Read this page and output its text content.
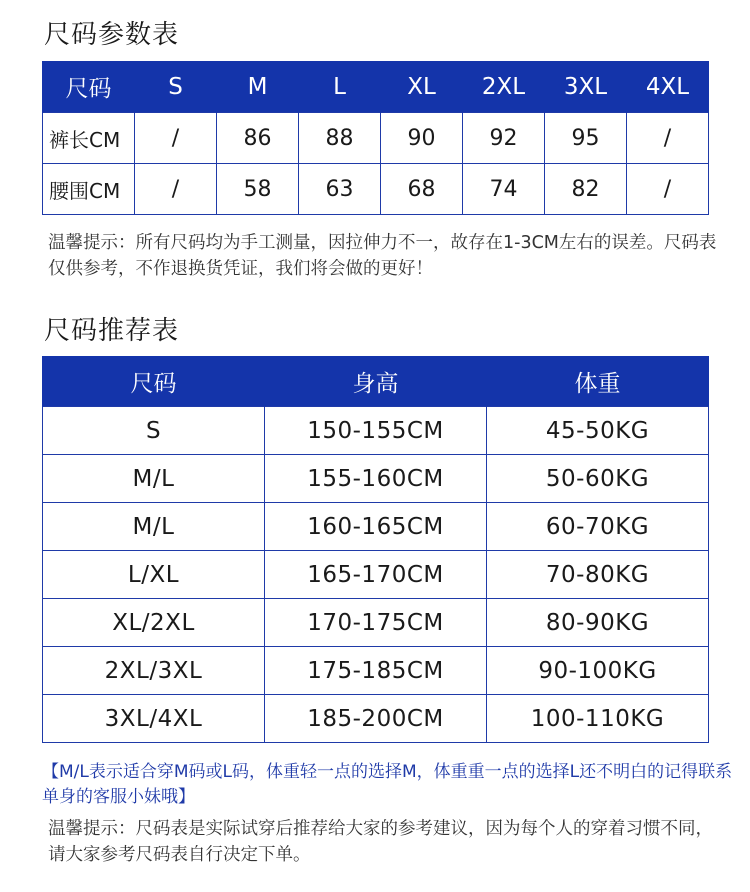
尺码参数表
尺码	S	M	L	XL	2XL	3XL	4XL
裤长CM	/	86	88	90	92	95	/
腰围CM	/	58	63	68	74	82	/
温馨提示：所有尺码均为手工测量，因拉伸力不一，故存在1-3CM左右的误差。尺码表仅供参考，不作退换货凭证，我们将会做的更好！
尺码推荐表
尺码	身高	体重
S	150-155CM	45-50KG
M/L	155-160CM	50-60KG
M/L	160-165CM	60-70KG
L/XL	165-170CM	70-80KG
XL/2XL	170-175CM	80-90KG
2XL/3XL	175-185CM	90-100KG
3XL/4XL	185-200CM	100-110KG
【M/L表示适合穿M码或L码，体重轻一点的选择M，体重重一点的选择L还不明白的记得联系单身的客服小妹哦】
温馨提示：尺码表是实际试穿后推荐给大家的参考建议，因为每个人的穿着习惯不同，请大家参考尺码表自行决定下单。
